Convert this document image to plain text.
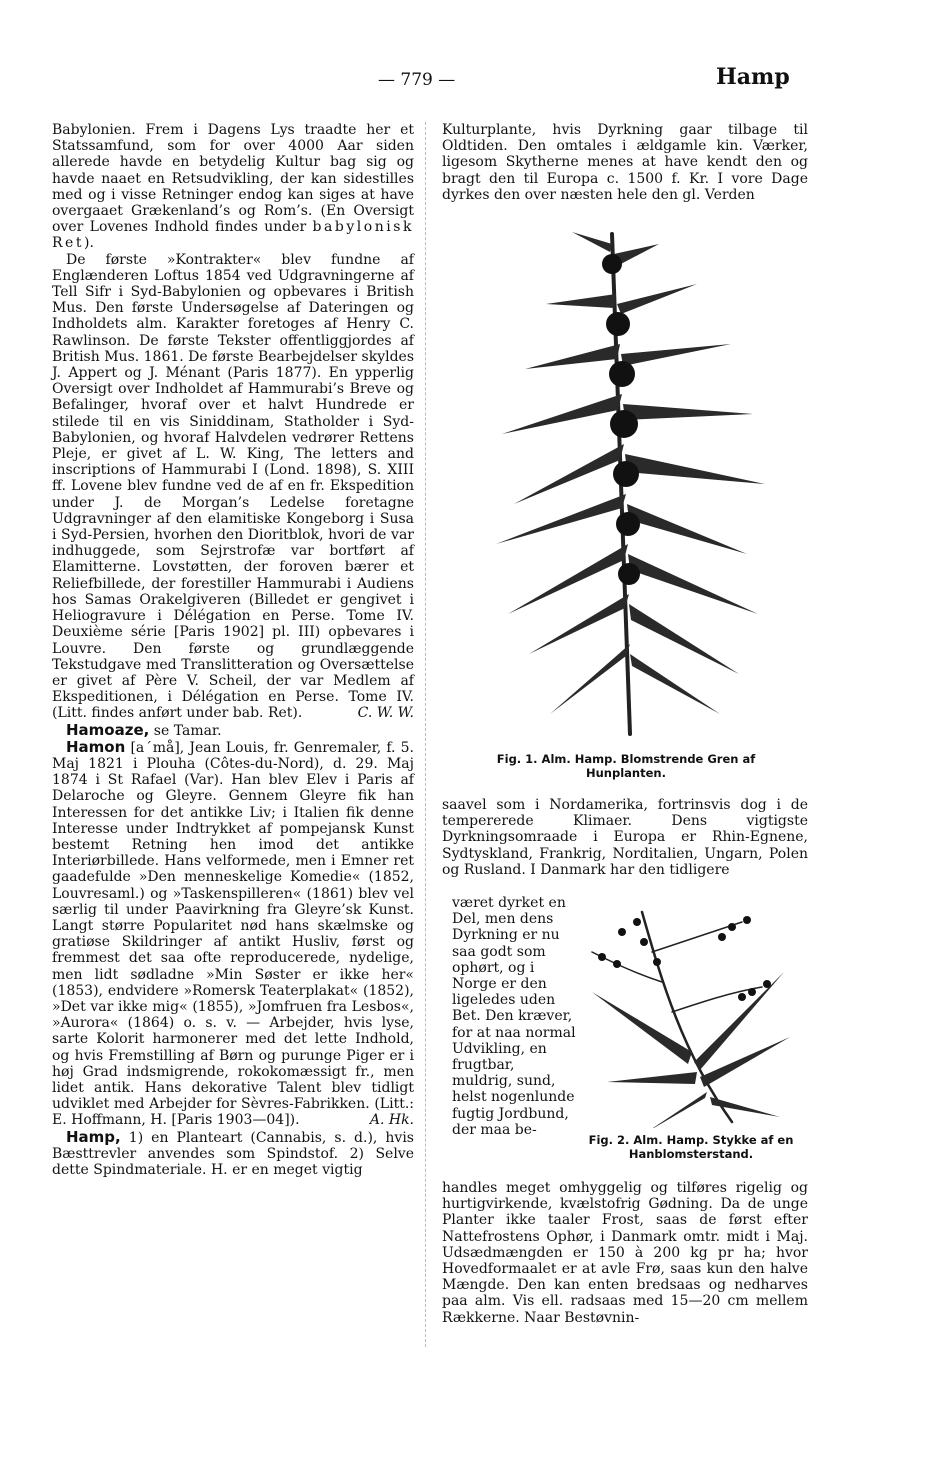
— 779 —	Hamp

Babylonien. Frem i Dagens Lys traadte her et Statssamfund, som for over 4000 Aar siden allerede havde en betydelig Kultur bag sig og havde naaet en Retsudvikling, der kan sidestilles med og i visse Retninger endog kan siges at have overgaaet Grækenland’s og Rom’s. (En Oversigt over Lovenes Indhold findes under babylonisk Ret).

De første »Kontrakter« blev fundne af Englænderen Loftus 1854 ved Udgravningerne af Tell Sifr i Syd-Babylonien og opbevares i British Mus. Den første Undersøgelse af Dateringen og Indholdets alm. Karakter foretoges af Henry C. Rawlinson. De første Tekster offentliggjordes af British Mus. 1861. De første Bearbejdelser skyldes J. Appert og J. Ménant (Paris 1877). En ypperlig Oversigt over Indholdet af Hammurabi’s Breve og Befalinger, hvoraf over et halvt Hundrede er stilede til en vis Siniddinam, Statholder i Syd-Babylonien, og hvoraf Halvdelen vedrører Rettens Pleje, er givet af L. W. King, The letters and inscriptions of Hammurabi I (Lond. 1898), S. XIII ff. Lovene blev fundne ved de af en fr. Ekspedition under J. de Morgan’s Ledelse foretagne Udgravninger af den elamitiske Kongeborg i Susa i Syd-Persien, hvorhen den Dioritblok, hvori de var indhuggede, som Sejrstrofæ var bortført af Elamitterne. Lovstøtten, der foroven bærer et Reliefbillede, der forestiller Hammurabi i Audiens hos Samas Orakelgiveren (Billedet er gengivet i Heliogravure i Délégation en Perse. Tome IV. Deuxième série [Paris 1902] pl. III) opbevares i Louvre. Den første og grundlæggende Tekstudgave med Translitteration og Oversættelse er givet af Père V. Scheil, der var Medlem af Ekspeditionen, i Délégation en Perse. Tome IV. (Litt. findes anført under bab. Ret).	C. W. W.

Hamoaze, se Tamar.

Hamon [aˊmå], Jean Louis, fr. Genremaler, f. 5. Maj 1821 i Plouha (Côtes-du-Nord), d. 29. Maj 1874 i St Rafael (Var). Han blev Elev i Paris af Delaroche og Gleyre. Gennem Gleyre fik han Interessen for det antikke Liv; i Italien fik denne Interesse under Indtrykket af pompejansk Kunst bestemt Retning hen imod det antikke Interiørbillede. Hans velformede, men i Emner ret gaadefulde »Den menneskelige Komedie« (1852, Louvresaml.) og »Taskenspilleren« (1861) blev vel særlig til under Paavirkning fra Gleyre’sk Kunst. Langt større Popularitet nød hans skælmske og gratiøse Skildringer af antikt Husliv, først og fremmest det saa ofte reproducerede, nydelige, men lidt sødladne »Min Søster er ikke her« (1853), endvidere »Romersk Teaterplakat« (1852), »Det var ikke mig« (1855), »Jomfruen fra Lesbos«, »Aurora« (1864) o. s. v. — Arbejder, hvis lyse, sarte Kolorit harmonerer med det lette Indhold, og hvis Fremstilling af Børn og purunge Piger er i høj Grad indsmigrende, rokokomæssigt fr., men lidet antik. Hans dekorative Talent blev tidligt udviklet med Arbejder for Sèvres-Fabrikken. (Litt.: E. Hoffmann, H. [Paris 1903—04]).	A. Hk.

Hamp, 1) en Planteart (Cannabis, s. d.), hvis Bæsttrevler anvendes som Spindstof. 2) Selve dette Spindmateriale. H. er en meget vigtig

Kulturplante, hvis Dyrkning gaar tilbage til Oldtiden. Den omtales i ældgamle kin. Værker, ligesom Skytherne menes at have kendt den og bragt den til Europa c. 1500 f. Kr. I vore Dage dyrkes den over næsten hele den gl. Verden

Fig. 1. Alm. Hamp. Blomstrende Gren af Hunplanten.
saavel som i Nordamerika, fortrinsvis dog i de tempererede Klimaer. Dens vigtigste Dyrkningsomraade i Europa er Rhin-Egnene, Sydtyskland, Frankrig, Norditalien, Ungarn, Polen og Rusland. I Danmark har den tidligere
været dyrket en Del, men dens Dyrkning er nu saa godt som ophørt, og i Norge er den ligeledes uden Bet. Den kræver, for at naa normal Udvikling, en frugtbar, muldrig, sund, helst nogenlunde fugtig Jordbund, der maa be-
Fig. 2. Alm. Hamp. Stykke af en Hanblomsterstand.
handles meget omhyggelig og tilføres rigelig og hurtigvirkende, kvælstofrig Gødning. Da de unge Planter ikke taaler Frost, saas de først efter Nattefrostens Ophør, i Danmark omtr. midt i Maj. Udsædmængden er 150 à 200 kg pr ha; hvor Hovedformaalet er at avle Frø, saas kun den halve Mængde. Den kan enten bredsaas og nedharves paa alm. Vis ell. radsaas med 15—20 cm mellem Rækkerne. Naar Bestøvnin-
